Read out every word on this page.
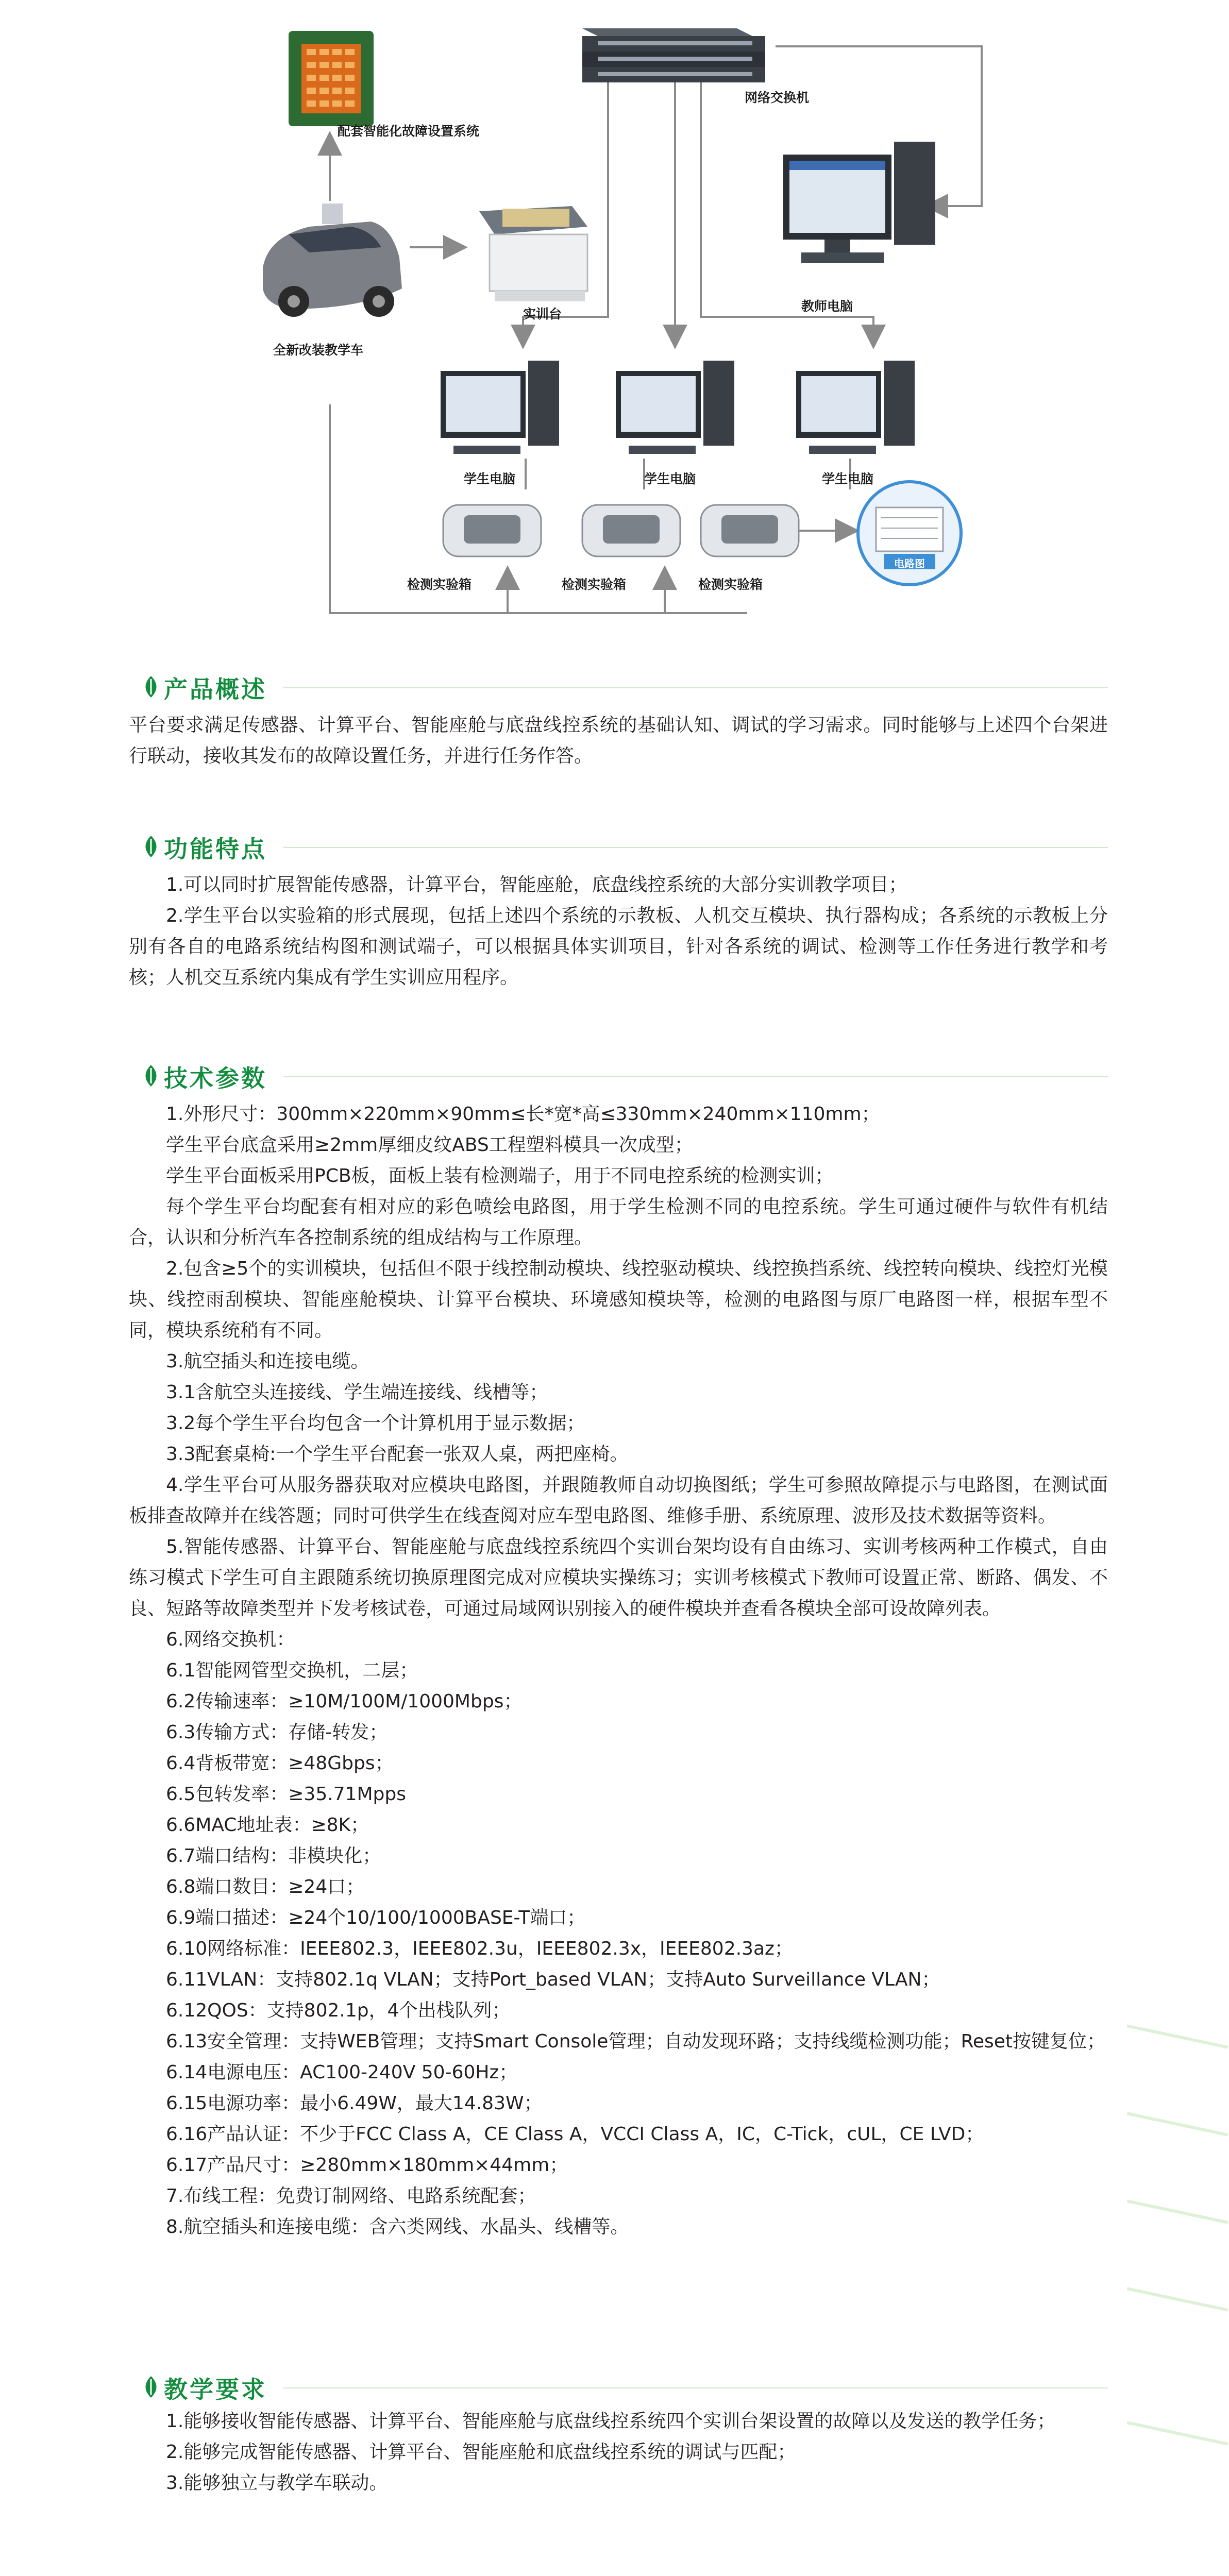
配套智能化故障设置系统
网络交换机
实训台
教师电脑
全新改装教学车
学生电脑	学生电脑	学生电脑
检测实验箱	检测实验箱	检测实验箱
电路图
产品概述

平台要求满足传感器、计算平台、智能座舱与底盘线控系统的基础认知、调试的学习需求。同时能够与上述四个台架进行联动，接收其发布的故障设置任务，并进行任务作答。

功能特点

1.可以同时扩展智能传感器，计算平台，智能座舱，底盘线控系统的大部分实训教学项目；

2.学生平台以实验箱的形式展现，包括上述四个系统的示教板、人机交互模块、执行器构成；各系统的示教板上分别有各自的电路系统结构图和测试端子，可以根据具体实训项目，针对各系统的调试、检测等工作任务进行教学和考核；人机交互系统内集成有学生实训应用程序。

技术参数

1.外形尺寸：300mm×220mm×90mm≤长*宽*高≤330mm×240mm×110mm；

学生平台底盒采用≥2mm厚细皮纹ABS工程塑料模具一次成型；

学生平台面板采用PCB板，面板上装有检测端子，用于不同电控系统的检测实训；

每个学生平台均配套有相对应的彩色喷绘电路图，用于学生检测不同的电控系统。学生可通过硬件与软件有机结合，认识和分析汽车各控制系统的组成结构与工作原理。

2.包含≥5个的实训模块，包括但不限于线控制动模块、线控驱动模块、线控换挡系统、线控转向模块、线控灯光模块、线控雨刮模块、智能座舱模块、计算平台模块、环境感知模块等，检测的电路图与原厂电路图一样，根据车型不同，模块系统稍有不同。

3.航空插头和连接电缆。

3.1含航空头连接线、学生端连接线、线槽等；

3.2每个学生平台均包含一个计算机用于显示数据；

3.3配套桌椅:一个学生平台配套一张双人桌，两把座椅。

4.学生平台可从服务器获取对应模块电路图，并跟随教师自动切换图纸；学生可参照故障提示与电路图，在测试面板排查故障并在线答题；同时可供学生在线查阅对应车型电路图、维修手册、系统原理、波形及技术数据等资料。

5.智能传感器、计算平台、智能座舱与底盘线控系统四个实训台架均设有自由练习、实训考核两种工作模式，自由练习模式下学生可自主跟随系统切换原理图完成对应模块实操练习；实训考核模式下教师可设置正常、断路、偶发、不良、短路等故障类型并下发考核试卷，可通过局域网识别接入的硬件模块并查看各模块全部可设故障列表。

6.网络交换机：

6.1智能网管型交换机，二层；

6.2传输速率：≥10M/100M/1000Mbps；

6.3传输方式：存储-转发；

6.4背板带宽：≥48Gbps；

6.5包转发率：≥35.71Mpps

6.6MAC地址表：≥8K；

6.7端口结构：非模块化；

6.8端口数目：≥24口；

6.9端口描述：≥24个10/100/1000BASE-T端口；

6.10网络标准：IEEE802.3，IEEE802.3u，IEEE802.3x，IEEE802.3az；

6.11VLAN：支持802.1q VLAN；支持Port_based VLAN；支持Auto Surveillance VLAN；

6.12QOS：支持802.1p，4个出栈队列；

6.13安全管理：支持WEB管理；支持Smart Console管理；自动发现环路；支持线缆检测功能；Reset按键复位；

6.14电源电压：AC100-240V 50-60Hz；

6.15电源功率：最小6.49W，最大14.83W；

6.16产品认证：不少于FCC Class A，CE Class A，VCCI Class A，IC，C-Tick，cUL，CE LVD；

6.17产品尺寸：≥280mm×180mm×44mm；

7.布线工程：免费订制网络、电路系统配套；

8.航空插头和连接电缆：含六类网线、水晶头、线槽等。

教学要求

1.能够接收智能传感器、计算平台、智能座舱与底盘线控系统四个实训台架设置的故障以及发送的教学任务；

2.能够完成智能传感器、计算平台、智能座舱和底盘线控系统的调试与匹配；

3.能够独立与教学车联动。
